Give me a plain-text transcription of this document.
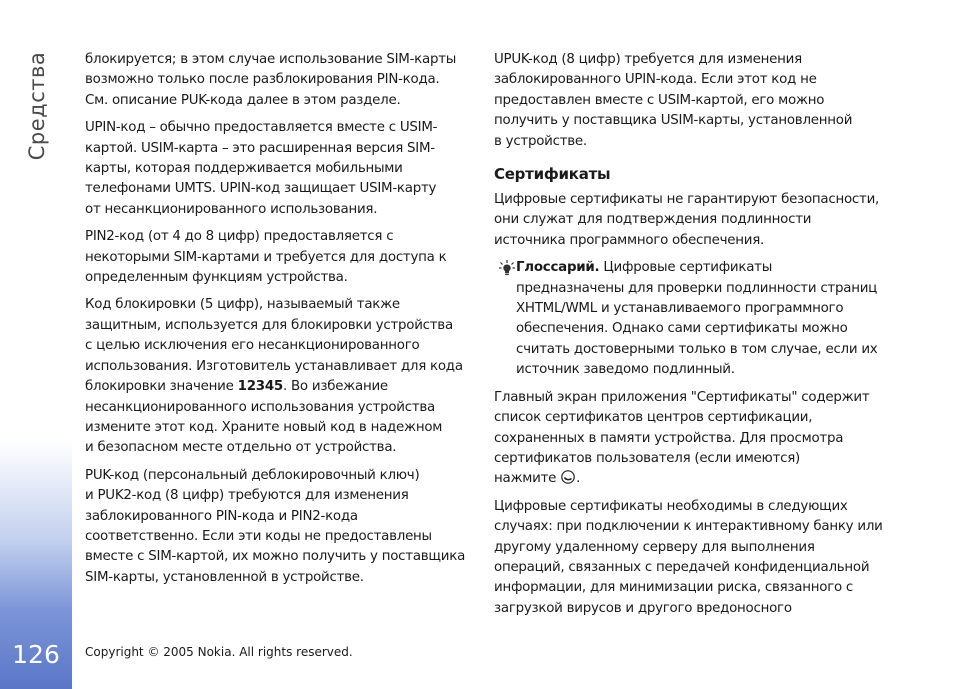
Средства
126

блокируется; в этом случае использование SIM-карты
возможно только после разблокирования PIN-кода.
См. описание PUK-кода далее в этом разделе.

UPIN-код – обычно предоставляется вместе с USIM-
картой. USIM-карта – это расширенная версия SIM-
карты, которая поддерживается мобильными
телефонами UMTS. UPIN-код защищает USIM-карту
от несанкционированного использования.

PIN2-код (от 4 до 8 цифр) предоставляется с
некоторыми SIM-картами и требуется для доступа к
определенным функциям устройства.

Код блокировки (5 цифр), называемый также
защитным, используется для блокировки устройства
с целью исключения его несанкционированного
использования. Изготовитель устанавливает для кода
блокировки значение 12345. Во избежание
несанкционированного использования устройства
измените этот код. Храните новый код в надежном
и безопасном месте отдельно от устройства.

PUK-код (персональный деблокировочный ключ)
и PUK2-код (8 цифр) требуются для изменения
заблокированного PIN-кода и PIN2-кода
соответственно. Если эти коды не предоставлены
вместе с SIM-картой, их можно получить у поставщика
SIM-карты, установленной в устройстве.

UPUK-код (8 цифр) требуется для изменения
заблокированного UPIN-кода. Если этот код не
предоставлен вместе с USIM-картой, его можно
получить у поставщика USIM-карты, установленной
в устройстве.

Сертификаты

Цифровые сертификаты не гарантируют безопасности,
они служат для подтверждения подлинности
источника программного обеспечения.

Глоссарий. Цифровые сертификаты
предназначены для проверки подлинности страниц
XHTML/WML и устанавливаемого программного
обеспечения. Однако сами сертификаты можно
считать достоверными только в том случае, если их
источник заведомо подлинный.

Главный экран приложения "Сертификаты" содержит
список сертификатов центров сертификации,
сохраненных в памяти устройства. Для просмотра
сертификатов пользователя (если имеются)
нажмите .

Цифровые сертификаты необходимы в следующих
случаях: при подключении к интерактивному банку или
другому удаленному серверу для выполнения
операций, связанных с передачей конфиденциальной
информации, для минимизации риска, связанного с
загрузкой вирусов и другого вредоносного

Copyright © 2005 Nokia. All rights reserved.
